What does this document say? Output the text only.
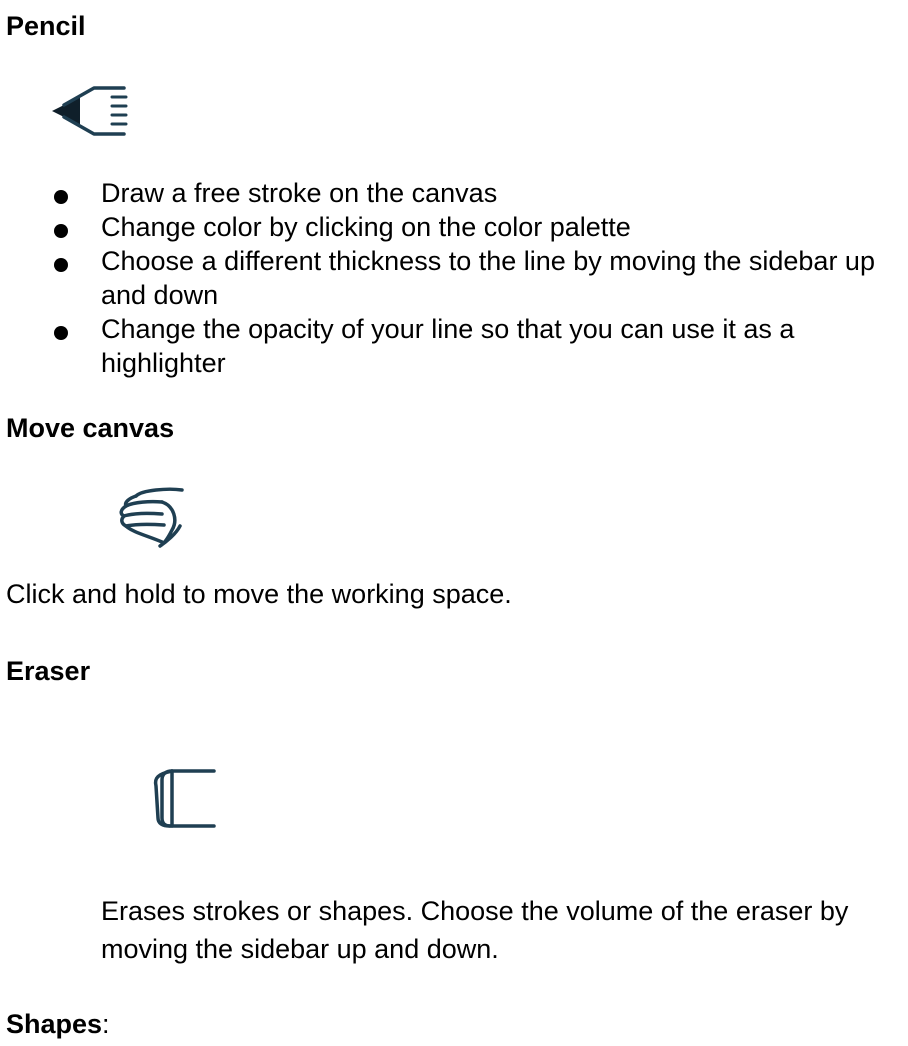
Pencil
Draw a free stroke on the canvas
Change color by clicking on the color palette
Choose a different thickness to the line by moving the sidebar up and down
Change the opacity of your line so that you can use it as a highlighter
Move canvas

Click and hold to move the working space.

Eraser

Erases strokes or shapes. Choose the volume of the eraser by moving the sidebar up and down.

Shapes:
